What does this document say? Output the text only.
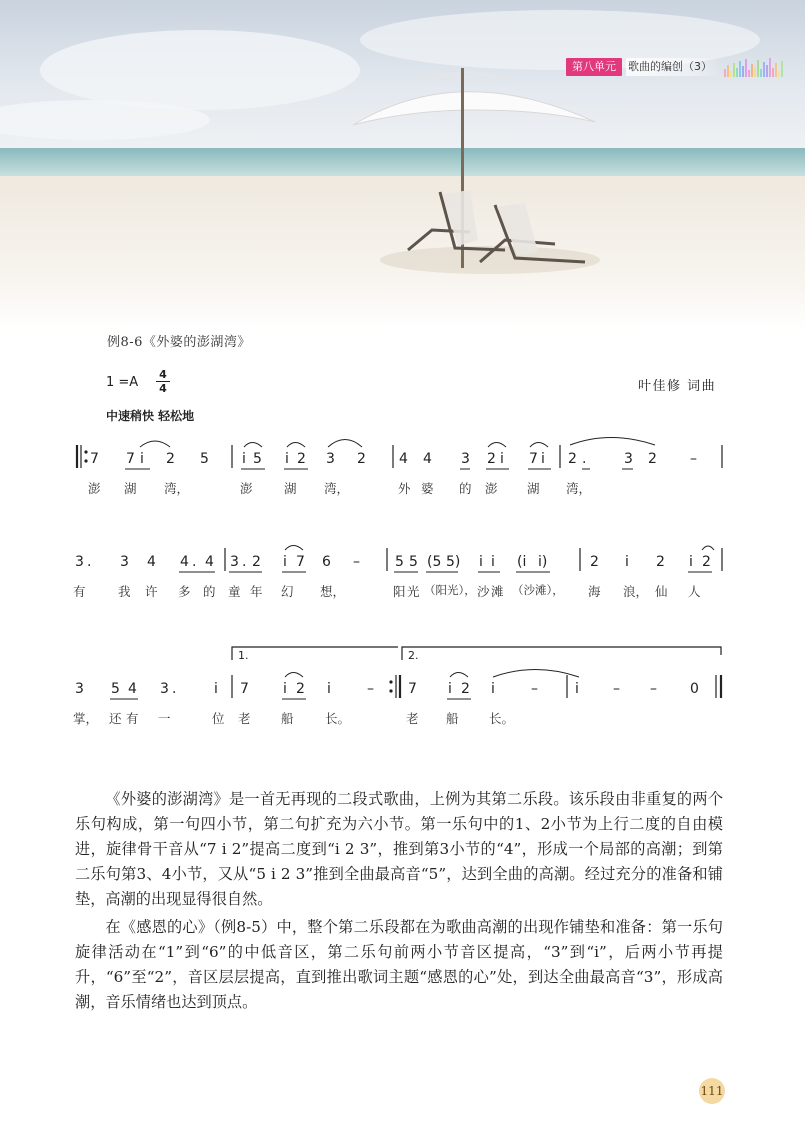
第八单元	歌曲的编创（3）
例8-6《外婆的澎湖湾》
1 =A
4
4	叶佳修 词曲
中速稍快 轻松地
7 7 i 2 5 i 5 i 2 3 2 4 4 3 2 i 7 i 2 .	3 2 –
3 . 3 4 4 . 4 3 . 2 i 7 6 –	5 5 (5 5) i i (i i)	2 i 2 i 2
3 5 4 3 .	i 7 i 2 i	– 7 i 2 i	–	i – – 0
1.	2.
澎 湖 湾，	澎	湖 湾，	外 婆 的 澎 湖 湾，
有	我 许 多 的 童 年 幻 想，	阳 光 （阳光）， 沙 滩 （沙滩）， 海 浪， 仙 人
掌， 还 有 一	位 老 船	长。	老 船 长。

《外婆的澎湖湾》是一首无再现的二段式歌曲，上例为其第二乐段。该乐段由非重复的两个乐句构成，第一句四小节，第二句扩充为六小节。第一乐句中的1、2小节为上行二度的自由模进，旋律骨干音从“7 i 2”提高二度到“i 2 3”，推到第3小节的“4”，形成一个局部的高潮；到第二乐句第3、4小节，又从“5 i 2 3”推到全曲最高音“5”，达到全曲的高潮。经过充分的准备和铺垫，高潮的出现显得很自然。

在《感恩的心》（例8-5）中，整个第二乐段都在为歌曲高潮的出现作铺垫和准备：第一乐句旋律活动在“1”到“6”的中低音区，第二乐句前两小节音区提高，“3”到“i”，后两小节再提升，“6”至“2”，音区层层提高，直到推出歌词主题“感恩的心”处，到达全曲最高音“3”，形成高潮，音乐情绪也达到顶点。

111
